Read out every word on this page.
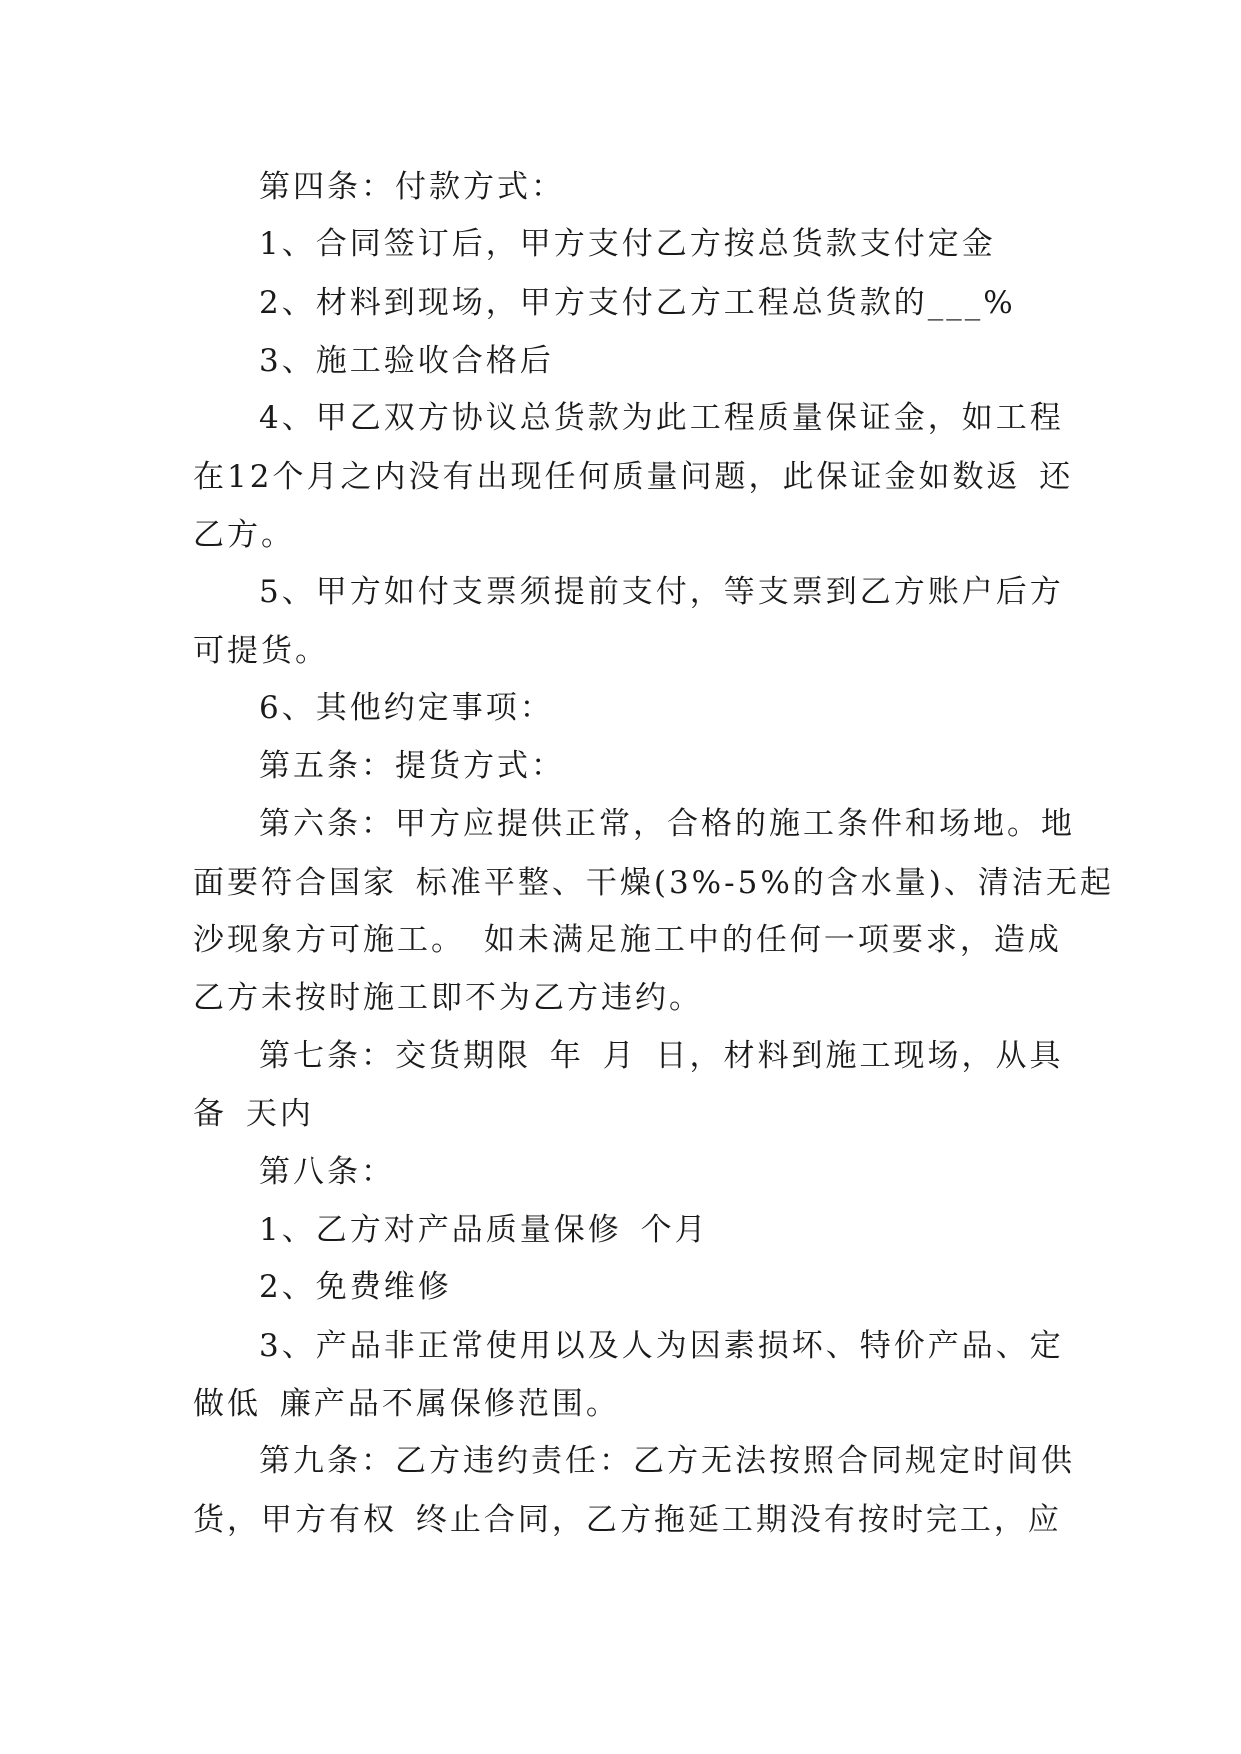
第四条：付款方式：
1、合同签订后，甲方支付乙方按总货款支付定金
2、材料到现场，甲方支付乙方工程总货款的___%
3、施工验收合格后
4、甲乙双方协议总货款为此工程质量保证金，如工程
在12个月之内没有出现任何质量问题，此保证金如数返 还
乙方。
5、甲方如付支票须提前支付，等支票到乙方账户后方
可提货。
6、其他约定事项：
第五条：提货方式：
第六条：甲方应提供正常，合格的施工条件和场地。地
面要符合国家 标准平整、干燥(3%-5%的含水量)、清洁无起
沙现象方可施工。 如未满足施工中的任何一项要求，造成
乙方未按时施工即不为乙方违约。
第七条：交货期限 年 月 日，材料到施工现场，从具
备 天内
第八条：
1、乙方对产品质量保修 个月
2、免费维修
3、产品非正常使用以及人为因素损坏、特价产品、定
做低 廉产品不属保修范围。
第九条：乙方违约责任：乙方无法按照合同规定时间供
货，甲方有权 终止合同，乙方拖延工期没有按时完工，应
